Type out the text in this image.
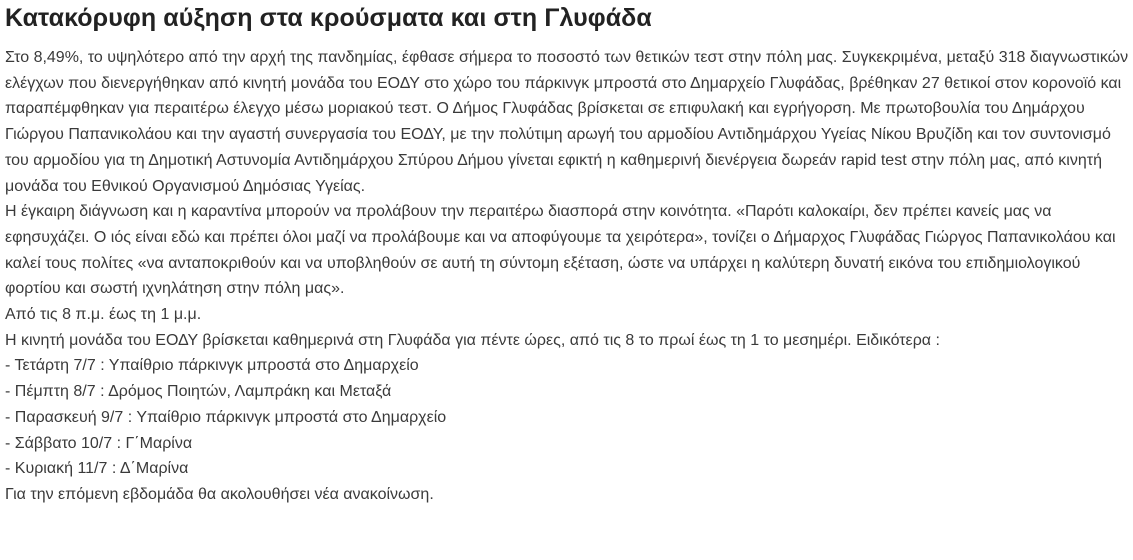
Κατακόρυφη αύξηση στα κρούσματα και στη Γλυφάδα

Στο 8,49%, το υψηλότερο από την αρχή της πανδημίας, έφθασε σήμερα το ποσοστό των θετικών τεστ στην πόλη μας. Συγκεκριμένα, μεταξύ 318 διαγνωστικών ελέγχων που διενεργήθηκαν από κινητή μονάδα του ΕΟΔΥ στο χώρο του πάρκινγκ μπροστά στο Δημαρχείο Γλυφάδας, βρέθηκαν 27 θετικοί στον κορονοϊό και παραπέμφθηκαν για περαιτέρω έλεγχο μέσω μοριακού τεστ. Ο Δήμος Γλυφάδας βρίσκεται σε επιφυλακή και εγρήγορση. Με πρωτοβουλία του Δημάρχου Γιώργου Παπανικολάου και την αγαστή συνεργασία του ΕΟΔΥ, με την πολύτιμη αρωγή του αρμοδίου Αντιδημάρχου Υγείας Νίκου Βρυζίδη και τον συντονισμό του αρμοδίου για τη Δημοτική Αστυνομία Αντιδημάρχου Σπύρου Δήμου γίνεται εφικτή η καθημερινή διενέργεια δωρεάν rapid test στην πόλη μας, από κινητή μονάδα του Εθνικού Οργανισμού Δημόσιας Υγείας.

Η έγκαιρη διάγνωση και η καραντίνα μπορούν να προλάβουν την περαιτέρω διασπορά στην κοινότητα. «Παρότι καλοκαίρι, δεν πρέπει κανείς μας να εφησυχάζει. Ο ιός είναι εδώ και πρέπει όλοι μαζί να προλάβουμε και να αποφύγουμε τα χειρότερα», τονίζει ο Δήμαρχος Γλυφάδας Γιώργος Παπανικολάου και καλεί τους πολίτες «να ανταποκριθούν και να υποβληθούν σε αυτή τη σύντομη εξέταση, ώστε να υπάρχει η καλύτερη δυνατή εικόνα του επιδημιολογικού φορτίου και σωστή ιχνηλάτηση στην πόλη μας».

Από τις 8 π.μ. έως τη 1 μ.μ.

Η κινητή μονάδα του ΕΟΔΥ βρίσκεται καθημερινά στη Γλυφάδα για πέντε ώρες, από τις 8 το πρωί έως τη 1 το μεσημέρι. Ειδικότερα :

- Τετάρτη 7/7 : Υπαίθριο πάρκινγκ μπροστά στο Δημαρχείο
- Πέμπτη 8/7 : Δρόμος Ποιητών, Λαμπράκη και Μεταξά
- Παρασκευή 9/7 : Υπαίθριο πάρκινγκ μπροστά στο Δημαρχείο
- Σάββατο 10/7 : Γ΄Μαρίνα
- Κυριακή 11/7 : Δ΄Μαρίνα

Για την επόμενη εβδομάδα θα ακολουθήσει νέα ανακοίνωση.
